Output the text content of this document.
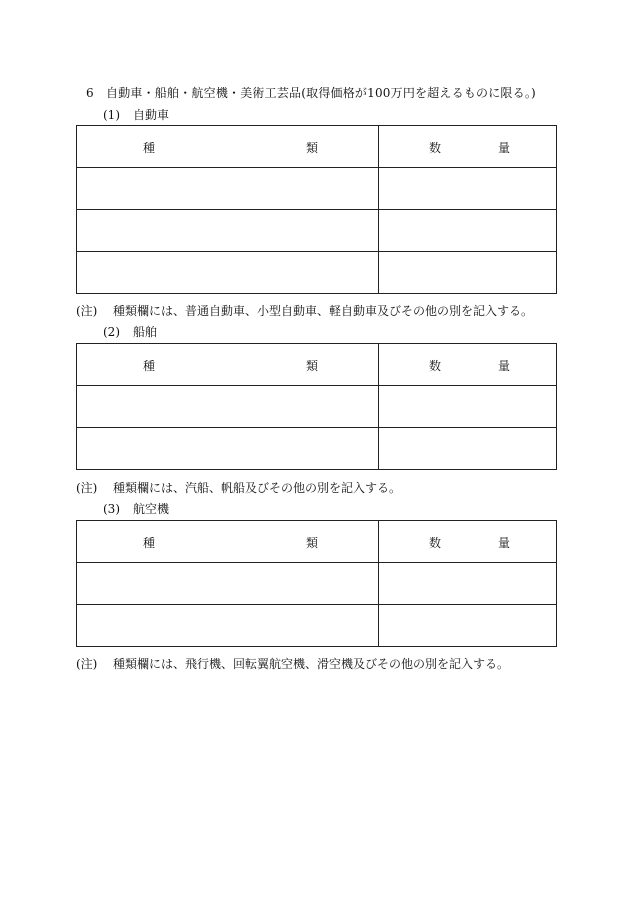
6　自動車・船舶・航空機・美術工芸品(取得価格が100万円を超えるものに限る。)
(1) 自動車
種 類	数 量

(注) 種類欄には、普通自動車、小型自動車、軽自動車及びその他の別を記入する。
(2) 船舶
種 類	数 量

(注) 種類欄には、汽船、帆船及びその他の別を記入する。
(3) 航空機
種 類	数 量

(注) 種類欄には、飛行機、回転翼航空機、滑空機及びその他の別を記入する。
